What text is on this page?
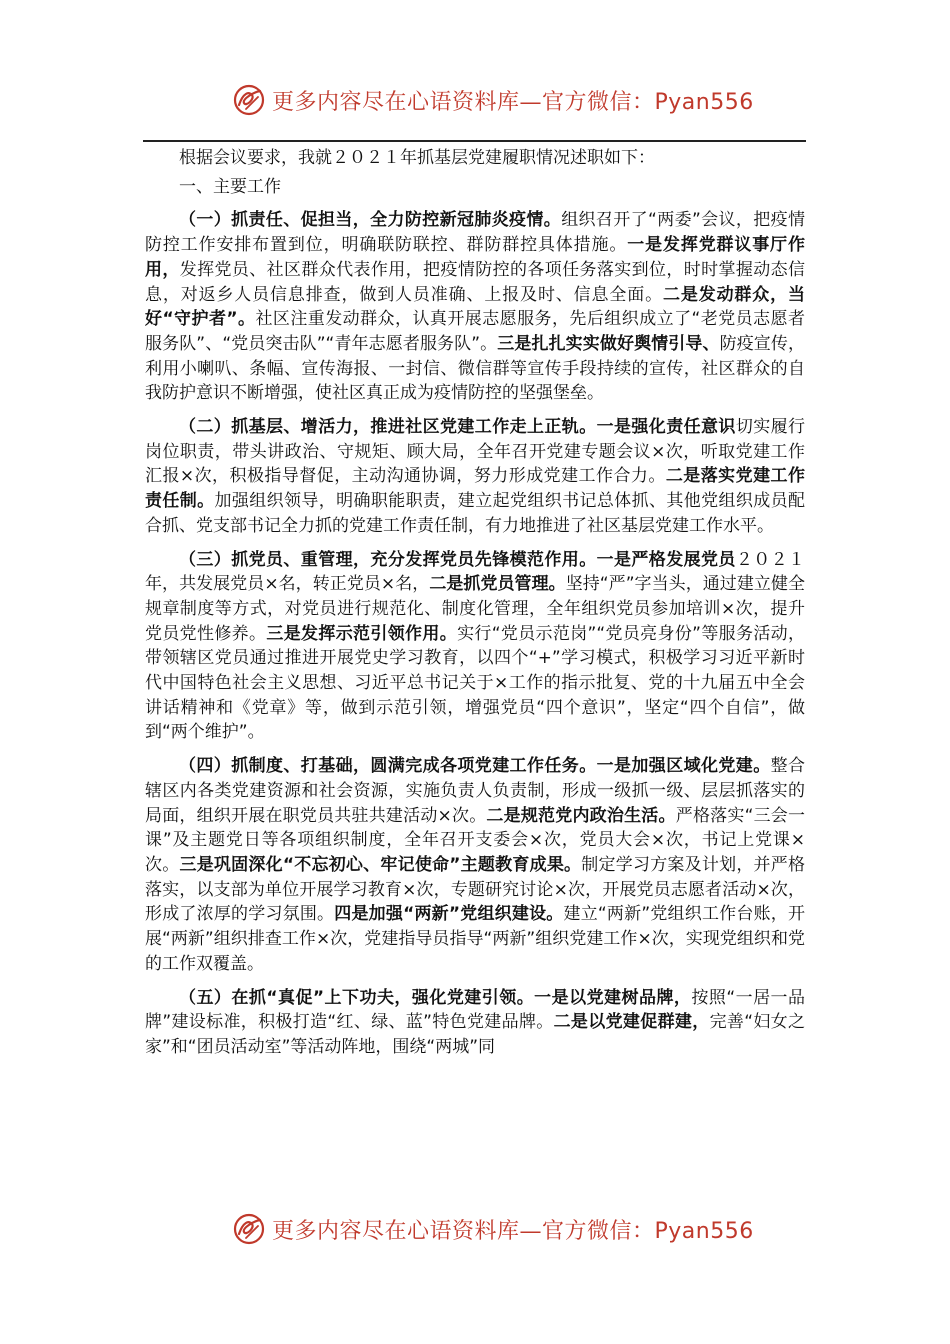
更多内容尽在心语资料库—官方微信：Pyan556

根据会议要求，我就２０２１年抓基层党建履职情况述职如下：

一、主要工作

（一）抓责任、促担当，全力防控新冠肺炎疫情。组织召开了“两委”会议，把疫情防控工作安排布置到位，明确联防联控、群防群控具体措施。一是发挥党群议事厅作用，发挥党员、社区群众代表作用，把疫情防控的各项任务落实到位，时时掌握动态信息，对返乡人员信息排查，做到人员准确、上报及时、信息全面。二是发动群众，当好“守护者”。社区注重发动群众，认真开展志愿服务，先后组织成立了“老党员志愿者服务队”、“党员突击队”“青年志愿者服务队”。三是扎扎实实做好舆情引导、防疫宣传，利用小喇叭、条幅、宣传海报、一封信、微信群等宣传手段持续的宣传，社区群众的自我防护意识不断增强，使社区真正成为疫情防控的坚强堡垒。

（二）抓基层、增活力，推进社区党建工作走上正轨。一是强化责任意识切实履行岗位职责，带头讲政治、守规矩、顾大局，全年召开党建专题会议×次，听取党建工作汇报×次，积极指导督促，主动沟通协调，努力形成党建工作合力。二是落实党建工作责任制。加强组织领导，明确职能职责，建立起党组织书记总体抓、其他党组织成员配合抓、党支部书记全力抓的党建工作责任制，有力地推进了社区基层党建工作水平。

（三）抓党员、重管理，充分发挥党员先锋模范作用。一是严格发展党员２０２１年，共发展党员×名，转正党员×名，二是抓党员管理。坚持“严”字当头，通过建立健全规章制度等方式，对党员进行规范化、制度化管理，全年组织党员参加培训×次，提升党员党性修养。三是发挥示范引领作用。实行“党员示范岗”“党员亮身份”等服务活动，带领辖区党员通过推进开展党史学习教育，以四个“+”学习模式，积极学习习近平新时代中国特色社会主义思想、习近平总书记关于×工作的指示批复、党的十九届五中全会讲话精神和《党章》等，做到示范引领，增强党员“四个意识”，坚定“四个自信”，做到“两个维护”。

（四）抓制度、打基础，圆满完成各项党建工作任务。一是加强区域化党建。整合辖区内各类党建资源和社会资源，实施负责人负责制，形成一级抓一级、层层抓落实的局面，组织开展在职党员共驻共建活动×次。二是规范党内政治生活。严格落实“三会一课”及主题党日等各项组织制度，全年召开支委会×次，党员大会×次，书记上党课×次。三是巩固深化“不忘初心、牢记使命”主题教育成果。制定学习方案及计划，并严格落实，以支部为单位开展学习教育×次，专题研究讨论×次，开展党员志愿者活动×次，形成了浓厚的学习氛围。四是加强“两新”党组织建设。建立“两新”党组织工作台账，开展“两新”组织排查工作×次，党建指导员指导“两新”组织党建工作×次，实现党组织和党的工作双覆盖。

（五）在抓“真促”上下功夫，强化党建引领。一是以党建树品牌，按照“一居一品牌”建设标准，积极打造“红、绿、蓝”特色党建品牌。二是以党建促群建，完善“妇女之家”和“团员活动室”等活动阵地，围绕“两城”同

更多内容尽在心语资料库—官方微信：Pyan556
